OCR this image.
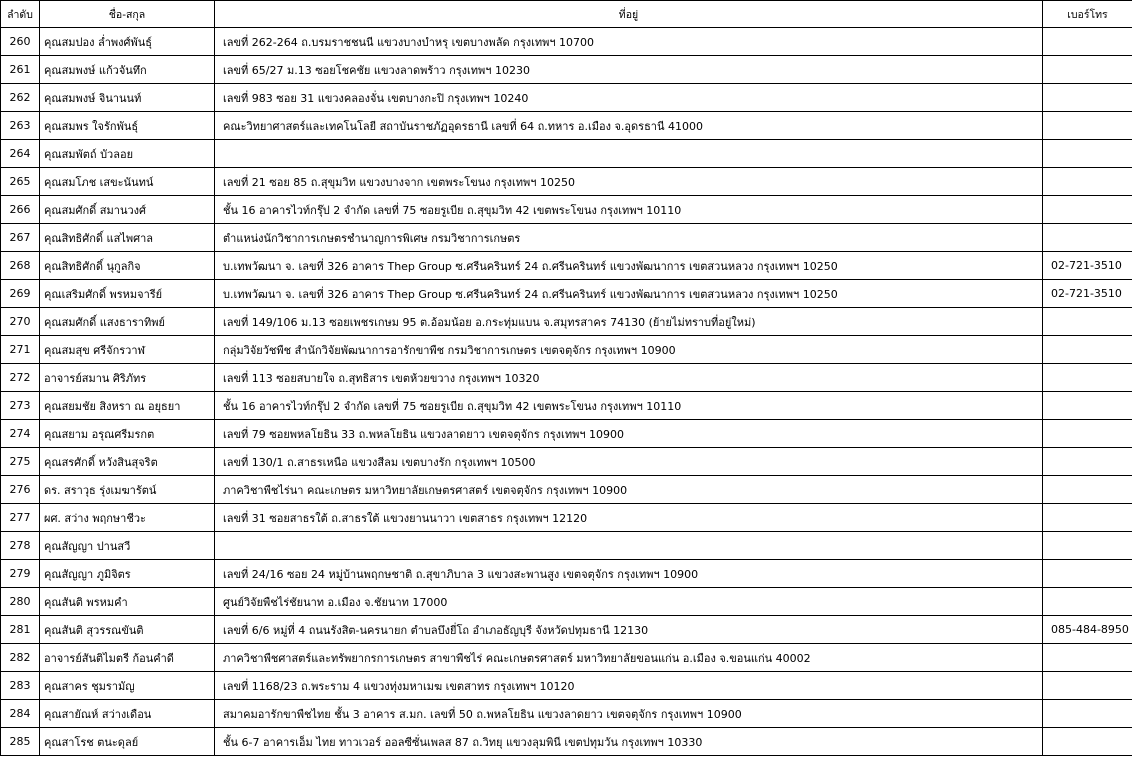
ลำดับ	ชื่อ-สกุล	ที่อยู่	เบอร์โทร
260	คุณสมปอง ล่ำพงศ์พันธุ์	เลขที่ 262-264 ถ.บรมราชชนนี แขวงบางบำหรุ เขตบางพลัด กรุงเทพฯ 10700	
261	คุณสมพงษ์ แก้วจันทึก	เลขที่ 65/27 ม.13 ซอยโชคชัย แขวงลาดพร้าว กรุงเทพฯ 10230	
262	คุณสมพงษ์ จินานนท์	เลขที่ 983 ซอย 31 แขวงคลองจั่น เขตบางกะปิ กรุงเทพฯ 10240	
263	คุณสมพร ใจรักพันธุ์	คณะวิทยาศาสตร์และเทคโนโลยี สถาบันราชภัฏอุดรธานี เลขที่ 64 ถ.ทหาร อ.เมือง จ.อุดรธานี 41000	
264	คุณสมพัตถ์ บัวลอย		
265	คุณสมโภช เสขะนันทน์	เลขที่ 21 ซอย 85 ถ.สุขุมวิท แขวงบางจาก เขตพระโขนง กรุงเทพฯ 10250	
266	คุณสมศักดิ์ สมานวงศ์	ชั้น 16 อาคารไวท์กรุ๊ป 2 จำกัด เลขที่ 75 ซอยรูเบีย ถ.สุขุมวิท 42 เขตพระโขนง กรุงเทพฯ 10110	
267	คุณสิทธิศักดิ์ แสไพศาล	ตำแหน่งนักวิชาการเกษตรชำนาญการพิเศษ กรมวิชาการเกษตร	
268	คุณสิทธิศักดิ์ นุกูลกิจ	บ.เทพวัฒนา จ. เลขที่ 326 อาคาร Thep Group ซ.ศรีนครินทร์ 24 ถ.ศรีนครินทร์ แขวงพัฒนาการ เขตสวนหลวง กรุงเทพฯ 10250	02-721-3510
269	คุณเสริมศักดิ์ พรหมจารีย์	บ.เทพวัฒนา จ. เลขที่ 326 อาคาร Thep Group ซ.ศรีนครินทร์ 24 ถ.ศรีนครินทร์ แขวงพัฒนาการ เขตสวนหลวง กรุงเทพฯ 10250	02-721-3510
270	คุณสมศักดิ์ แสงธาราทิพย์	เลขที่ 149/106 ม.13 ซอยเพชรเกษม 95 ต.อ้อมน้อย อ.กระทุ่มแบน จ.สมุทรสาคร 74130 (ย้ายไม่ทราบที่อยู่ใหม่)	
271	คุณสมสุข ศรีจักรวาฬ	กลุ่มวิจัยวัชพืช สำนักวิจัยพัฒนาการอารักขาพืช กรมวิชาการเกษตร เขตจตุจักร กรุงเทพฯ 10900	
272	อาจารย์สมาน ศิริภัทร	เลขที่ 113 ซอยสบายใจ ถ.สุทธิสาร เขตห้วยขวาง กรุงเทพฯ 10320	
273	คุณสยมชัย สิงหรา ณ อยุธยา	ชั้น 16 อาคารไวท์กรุ๊ป 2 จำกัด เลขที่ 75 ซอยรูเบีย ถ.สุขุมวิท 42 เขตพระโขนง กรุงเทพฯ 10110	
274	คุณสยาม อรุณศรีมรกต	เลขที่ 79 ซอยพหลโยธิน 33 ถ.พหลโยธิน แขวงลาดยาว เขตจตุจักร กรุงเทพฯ 10900	
275	คุณสรศักดิ์ หวังสินสุจริต	เลขที่ 130/1 ถ.สาธรเหนือ แขวงสีลม เขตบางรัก กรุงเทพฯ 10500	
276	ดร. สราวุธ รุ่งเมฆารัตน์	ภาควิชาพืชไร่นา คณะเกษตร มหาวิทยาลัยเกษตรศาสตร์ เขตจตุจักร กรุงเทพฯ 10900	
277	ผศ. สว่าง พฤกษาชีวะ	เลขที่ 31 ซอยสาธรใต้ ถ.สาธรใต้ แขวงยานนาวา เขตสาธร กรุงเทพฯ 12120	
278	คุณสัญญา ปานสวี		
279	คุณสัญญา ภูมิจิตร	เลขที่ 24/16 ซอย 24 หมู่บ้านพฤกษชาติ ถ.สุขาภิบาล 3 แขวงสะพานสูง เขตจตุจักร กรุงเทพฯ 10900	
280	คุณสันติ พรหมคำ	ศูนย์วิจัยพืชไร่ชัยนาท อ.เมือง จ.ชัยนาท 17000	
281	คุณสันติ สุวรรณขันติ	เลขที่ 6/6 หมู่ที่ 4 ถนนรังสิต-นครนายก ตำบลบึงยี่โถ อำเภอธัญบุรี จังหวัดปทุมธานี 12130	085-484-8950
282	อาจารย์สันติไมตรี ก้อนคำดี	ภาควิชาพืชศาสตร์และทรัพยากรการเกษตร สาขาพืชไร่ คณะเกษตรศาสตร์ มหาวิทยาลัยขอนแก่น อ.เมือง จ.ขอนแก่น 40002	
283	คุณสาคร ชุมรามัญ	เลขที่ 1168/23 ถ.พระราม 4 แขวงทุ่งมหาเมฆ เขตสาทร กรุงเทพฯ 10120	
284	คุณสายัณห์ สว่างเดือน	สมาคมอารักขาพืชไทย ชั้น 3 อาคาร ส.มก. เลขที่ 50 ถ.พหลโยธิน แขวงลาดยาว เขตจตุจักร กรุงเทพฯ 10900	
285	คุณสาโรช ตนะดุลย์	ชั้น 6-7 อาคารเอ็ม ไทย ทาวเวอร์ ออลซีซั่นเพลส 87 ถ.วิทยุ แขวงลุมพินี เขตปทุมวัน กรุงเทพฯ 10330	
